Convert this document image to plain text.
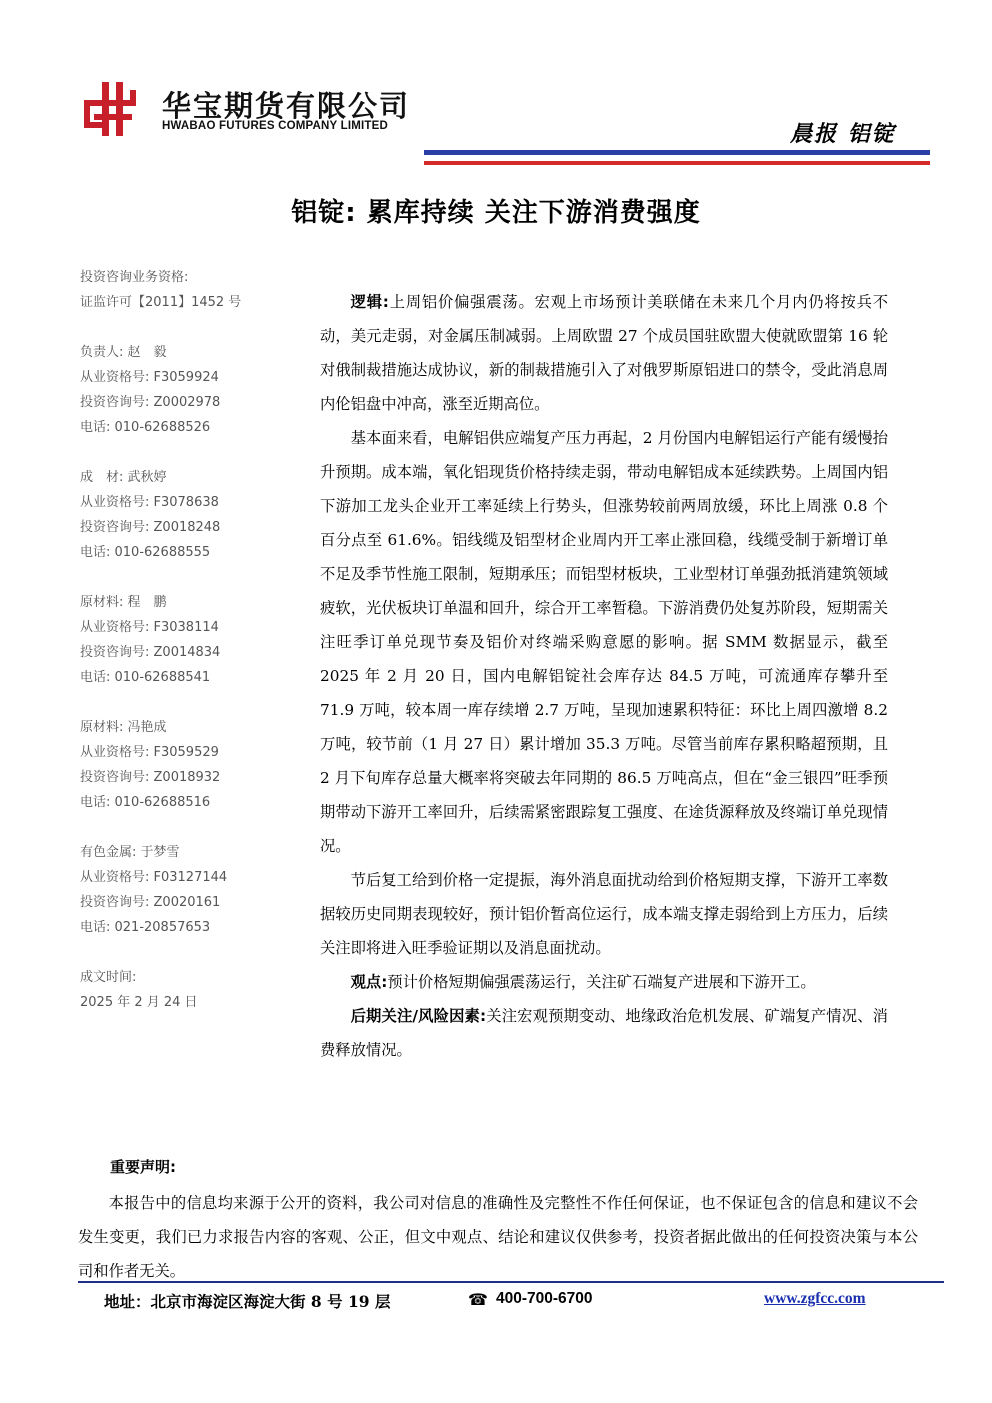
华宝期货有限公司
HWABAO FUTURES COMPANY LIMITED	晨报 铝锭
铝锭: 累库持续 关注下游消费强度
投资咨询业务资格:
证监许可【2011】1452 号
负责人: 赵　毅
从业资格号: F3059924
投资咨询号: Z0002978
电话: 010-62688526
成　材: 武秋婷
从业资格号: F3078638
投资咨询号: Z0018248
电话: 010-62688555
原材料: 程　鹏
从业资格号: F3038114
投资咨询号: Z0014834
电话: 010-62688541
原材料: 冯艳成
从业资格号: F3059529
投资咨询号: Z0018932
电话: 010-62688516
有色金属: 于梦雪
从业资格号: F03127144
投资咨询号: Z0020161
电话: 021-20857653
成文时间:
2025 年 2 月 24 日

逻辑:上周铝价偏强震荡。宏观上市场预计美联储在未来几个月内仍将按兵不动，美元走弱，对金属压制减弱。上周欧盟 27 个成员国驻欧盟大使就欧盟第 16 轮对俄制裁措施达成协议，新的制裁措施引入了对俄罗斯原铝进口的禁令，受此消息周内伦铝盘中冲高，涨至近期高位。

基本面来看，电解铝供应端复产压力再起，2 月份国内电解铝运行产能有缓慢抬升预期。成本端，氧化铝现货价格持续走弱，带动电解铝成本延续跌势。上周国内铝下游加工龙头企业开工率延续上行势头，但涨势较前两周放缓，环比上周涨 0.8 个百分点至 61.6%。铝线缆及铝型材企业周内开工率止涨回稳，线缆受制于新增订单不足及季节性施工限制，短期承压；而铝型材板块，工业型材订单强劲抵消建筑领域疲软，光伏板块订单温和回升，综合开工率暂稳。下游消费仍处复苏阶段，短期需关注旺季订单兑现节奏及铝价对终端采购意愿的影响。据 SMM 数据显示，截至 2025 年 2 月 20 日，国内电解铝锭社会库存达 84.5 万吨，可流通库存攀升至 71.9 万吨，较本周一库存续增 2.7 万吨，呈现加速累积特征：环比上周四激增 8.2 万吨，较节前（1 月 27 日）累计增加 35.3 万吨。尽管当前库存累积略超预期，且 2 月下旬库存总量大概率将突破去年同期的 86.5 万吨高点，但在“金三银四”旺季预期带动下游开工率回升，后续需紧密跟踪复工强度、在途货源释放及终端订单兑现情况。

节后复工给到价格一定提振，海外消息面扰动给到价格短期支撑，下游开工率数据较历史同期表现较好，预计铝价暂高位运行，成本端支撑走弱给到上方压力，后续关注即将进入旺季验证期以及消息面扰动。

观点:预计价格短期偏强震荡运行，关注矿石端复产进展和下游开工。

后期关注/风险因素:关注宏观预期变动、地缘政治危机发展、矿端复产情况、消费释放情况。

重要声明:

本报告中的信息均来源于公开的资料，我公司对信息的准确性及完整性不作任何保证，也不保证包含的信息和建议不会发生变更，我们已力求报告内容的客观、公正，但文中观点、结论和建议仅供参考，投资者据此做出的任何投资决策与本公司和作者无关。

地址：北京市海淀区海淀大街 8 号 19 层	☎ 400-700-6700	www.zgfcc.com
